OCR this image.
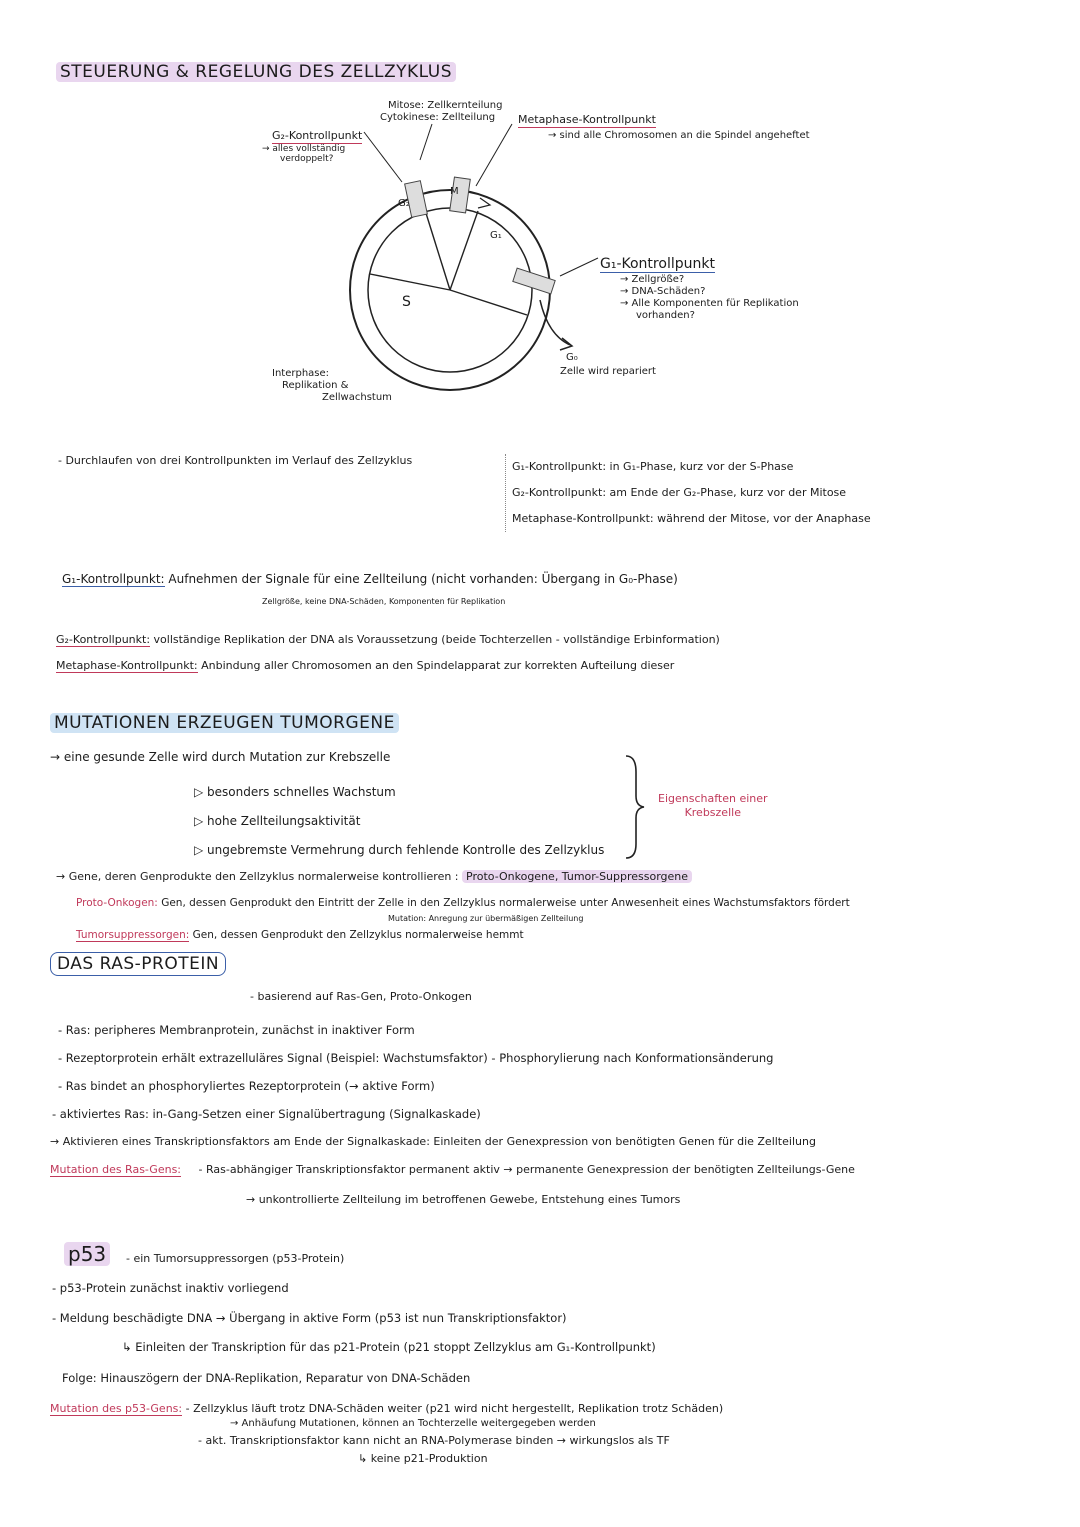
STEUERUNG & REGELUNG DES ZELLZYKLUS
Mitose: Zellkernteilung
Cytokinese: Zellteilung Metaphase-Kontrollpunkt
→ sind alle Chromosomen an die Spindel angeheftet
G₂-Kontrollpunkt
→ alles vollständig
verdoppelt?
G₂
M
G₁
S
G₁-Kontrollpunkt
→ Zellgröße?
→ DNA-Schäden?
→ Alle Komponenten für Replikation
vorhanden?
G₀
Zelle wird repariert
Interphase:
Replikation &
Zellwachstum
- Durchlaufen von drei Kontrollpunkten im Verlauf des Zellzyklus	G₁-Kontrollpunkt: in G₁-Phase, kurz vor der S-Phase
G₂-Kontrollpunkt: am Ende der G₂-Phase, kurz vor der Mitose
Metaphase-Kontrollpunkt: während der Mitose, vor der Anaphase
G₁-Kontrollpunkt: Aufnehmen der Signale für eine Zellteilung (nicht vorhanden: Übergang in G₀-Phase)
Zellgröße, keine DNA-Schäden, Komponenten für Replikation
G₂-Kontrollpunkt: vollständige Replikation der DNA als Voraussetzung (beide Tochterzellen - vollständige Erbinformation)
Metaphase-Kontrollpunkt: Anbindung aller Chromosomen an den Spindelapparat zur korrekten Aufteilung dieser
MUTATIONEN ERZEUGEN TUMORGENE
→ eine gesunde Zelle wird durch Mutation zur Krebszelle
▷ besonders schnelles Wachstum
▷ hohe Zellteilungsaktivität
▷ ungebremste Vermehrung durch fehlende Kontrolle des Zellzyklus
Eigenschaften einer
Krebszelle
→ Gene, deren Genprodukte den Zellzyklus normalerweise kontrollieren : Proto-Onkogene, Tumor-Suppressorgene
Proto-Onkogen: Gen, dessen Genprodukt den Eintritt der Zelle in den Zellzyklus normalerweise unter Anwesenheit eines Wachstumsfaktors fördert
Mutation: Anregung zur übermäßigen Zellteilung
Tumorsuppressorgen: Gen, dessen Genprodukt den Zellzyklus normalerweise hemmt
DAS RAS-PROTEIN
- basierend auf Ras-Gen, Proto-Onkogen
- Ras: peripheres Membranprotein, zunächst in inaktiver Form
- Rezeptorprotein erhält extrazelluläres Signal (Beispiel: Wachstumsfaktor) - Phosphorylierung nach Konformationsänderung
- Ras bindet an phosphoryliertes Rezeptorprotein (→ aktive Form)
- aktiviertes Ras: in-Gang-Setzen einer Signalübertragung (Signalkaskade)
→ Aktivieren eines Transkriptionsfaktors am Ende der Signalkaskade: Einleiten der Genexpression von benötigten Genen für die Zellteilung
Mutation des Ras-Gens: - Ras-abhängiger Transkriptionsfaktor permanent aktiv → permanente Genexpression der benötigten Zellteilungs-Gene
→ unkontrollierte Zellteilung im betroffenen Gewebe, Entstehung eines Tumors
p53	- ein Tumorsuppressorgen (p53-Protein)
- p53-Protein zunächst inaktiv vorliegend
- Meldung beschädigte DNA → Übergang in aktive Form (p53 ist nun Transkriptionsfaktor)
↳ Einleiten der Transkription für das p21-Protein (p21 stoppt Zellzyklus am G₁-Kontrollpunkt)
Folge: Hinauszögern der DNA-Replikation, Reparatur von DNA-Schäden
Mutation des p53-Gens: - Zellzyklus läuft trotz DNA-Schäden weiter (p21 wird nicht hergestellt, Replikation trotz Schäden)
→ Anhäufung Mutationen, können an Tochterzelle weitergegeben werden
- akt. Transkriptionsfaktor kann nicht an RNA-Polymerase binden → wirkungslos als TF
↳ keine p21-Produktion
